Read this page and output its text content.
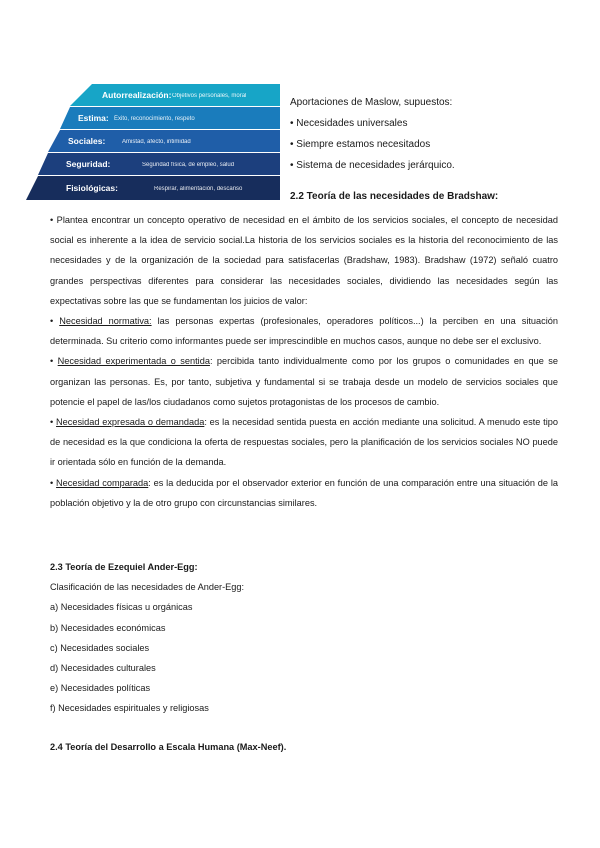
Autorrealización: Objetivos personales, moral
Estima: Éxito, reconocimiento, respeto
Sociales:	Amistad, afecto, intimidad
Seguridad:	Seguridad física, de empleo, salud
Fisiológicas:	Respirar, alimentación, descanso

Aportaciones de Maslow, supuestos:

• Necesidades universales

• Siempre estamos necesitados

• Sistema de necesidades jerárquico.

2.2 Teoría de las necesidades de Bradshaw:

• Plantea encontrar un concepto operativo de necesidad en el ámbito de los servicios sociales, el concepto de necesidad social es inherente a la idea de servicio social.La historia de los servicios sociales es la historia del reconocimiento de las necesidades y de la organización de la sociedad para satisfacerlas (Bradshaw, 1983). Bradshaw (1972) señaló cuatro grandes perspectivas diferentes para considerar las necesidades sociales, dividiendo las necesidades según las expectativas sobre las que se fundamentan los juicios de valor:

• Necesidad normativa: las personas expertas (profesionales, operadores políticos...) la perciben en una situación determinada. Su criterio como informantes puede ser imprescindible en muchos casos, aunque no debe ser el exclusivo.

• Necesidad experimentada o sentida: percibida tanto individualmente como por los grupos o comunidades en que se organizan las personas. Es, por tanto, subjetiva y fundamental si se trabaja desde un modelo de servicios sociales que potencie el papel de las/los ciudadanos como sujetos protagonistas de los procesos de cambio.

• Necesidad expresada o demandada: es la necesidad sentida puesta en acción mediante una solicitud. A menudo este tipo de necesidad es la que condiciona la oferta de respuestas sociales, pero la planificación de los servicios sociales NO puede ir orientada sólo en función de la demanda.

• Necesidad comparada: es la deducida por el observador exterior en función de una comparación entre una situación de la población objetivo y la de otro grupo con circunstancias similares.

2.3 Teoría de Ezequiel Ander-Egg:

Clasificación de las necesidades de Ander-Egg:

a) Necesidades físicas u orgánicas

b) Necesidades económicas

c) Necesidades sociales

d) Necesidades culturales

e) Necesidades políticas

f) Necesidades espirituales y religiosas

2.4 Teoría del Desarrollo a Escala Humana (Max-Neef).
